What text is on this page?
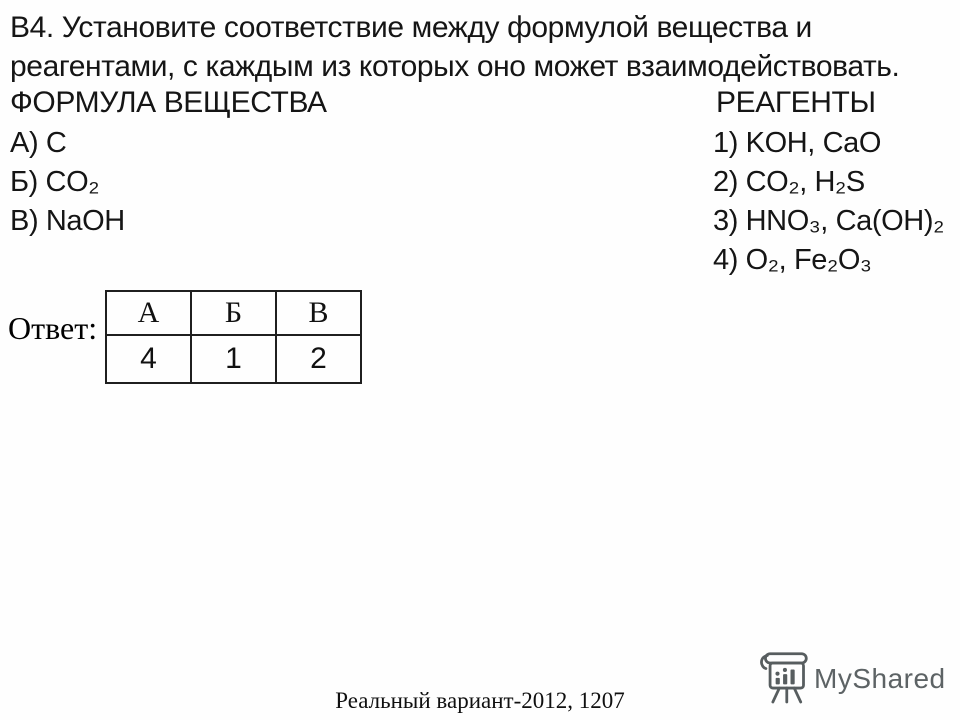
В4. Установите соответствие между формулой вещества и
реагентами, с каждым из которых оно может взаимодействовать.
ФОРМУЛА ВЕЩЕСТВА	РЕАГЕНТЫ
А) C
Б) CO₂
В) NaOH
1) KOH, CaO
2) CO₂, H₂S
3) HNO₃, Ca(OH)₂
4) O₂, Fe₂O₃
Ответ: А	Б	В
4	1	2
Реальный вариант-2012, 1207
MyShared
